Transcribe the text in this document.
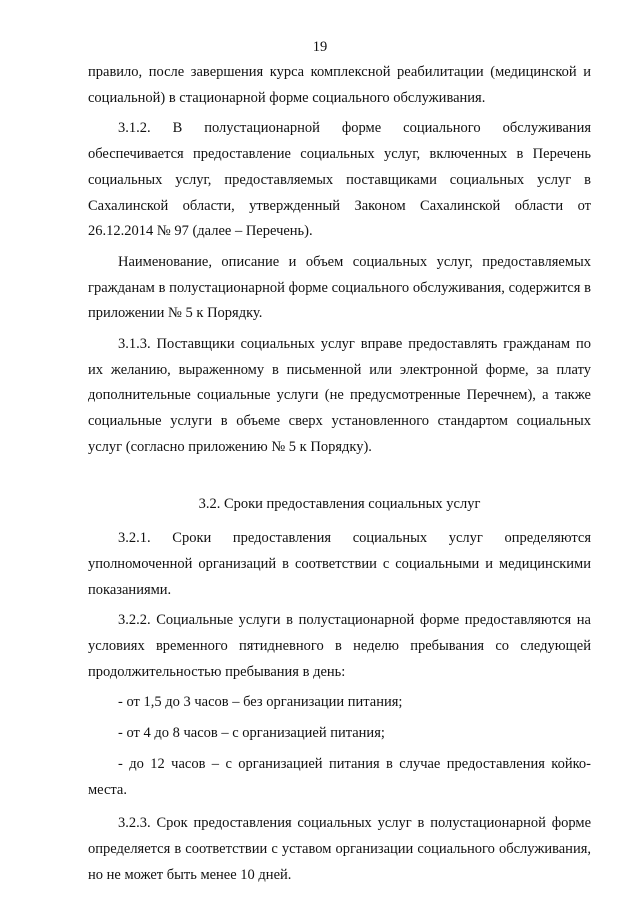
19

правило, после завершения курса комплексной реабилитации (медицинской и социальной) в стационарной форме социального обслуживания.

3.1.2. В полустационарной форме социального обслуживания обеспечивается предоставление социальных услуг, включенных в Перечень социальных услуг, предоставляемых поставщиками социальных услуг в Сахалинской области, утвержденный Законом Сахалинской области от 26.12.2014 № 97 (далее – Перечень).

Наименование, описание и объем социальных услуг, предоставляемых гражданам в полустационарной форме социального обслуживания, содержится в приложении № 5 к Порядку.

3.1.3. Поставщики социальных услуг вправе предоставлять гражданам по их желанию, выраженному в письменной или электронной форме, за плату дополнительные социальные услуги (не предусмотренные Перечнем), а также социальные услуги в объеме сверх установленного стандартом социальных услуг (согласно приложению № 5 к Порядку).

3.2. Сроки предоставления социальных услуг

3.2.1. Сроки предоставления социальных услуг определяются уполномоченной организаций в соответствии с социальными и медицинскими показаниями.

3.2.2. Социальные услуги в полустационарной форме предоставляются на условиях временного пятидневного в неделю пребывания со следующей продолжительностью пребывания в день:

- от 1,5 до 3 часов – без организации питания;

- от 4 до 8 часов – с организацией питания;

- до 12 часов – с организацией питания в случае предоставления койко-места.

3.2.3. Срок предоставления социальных услуг в полустационарной форме определяется в соответствии с уставом организации социального обслуживания, но не может быть менее 10 дней.
